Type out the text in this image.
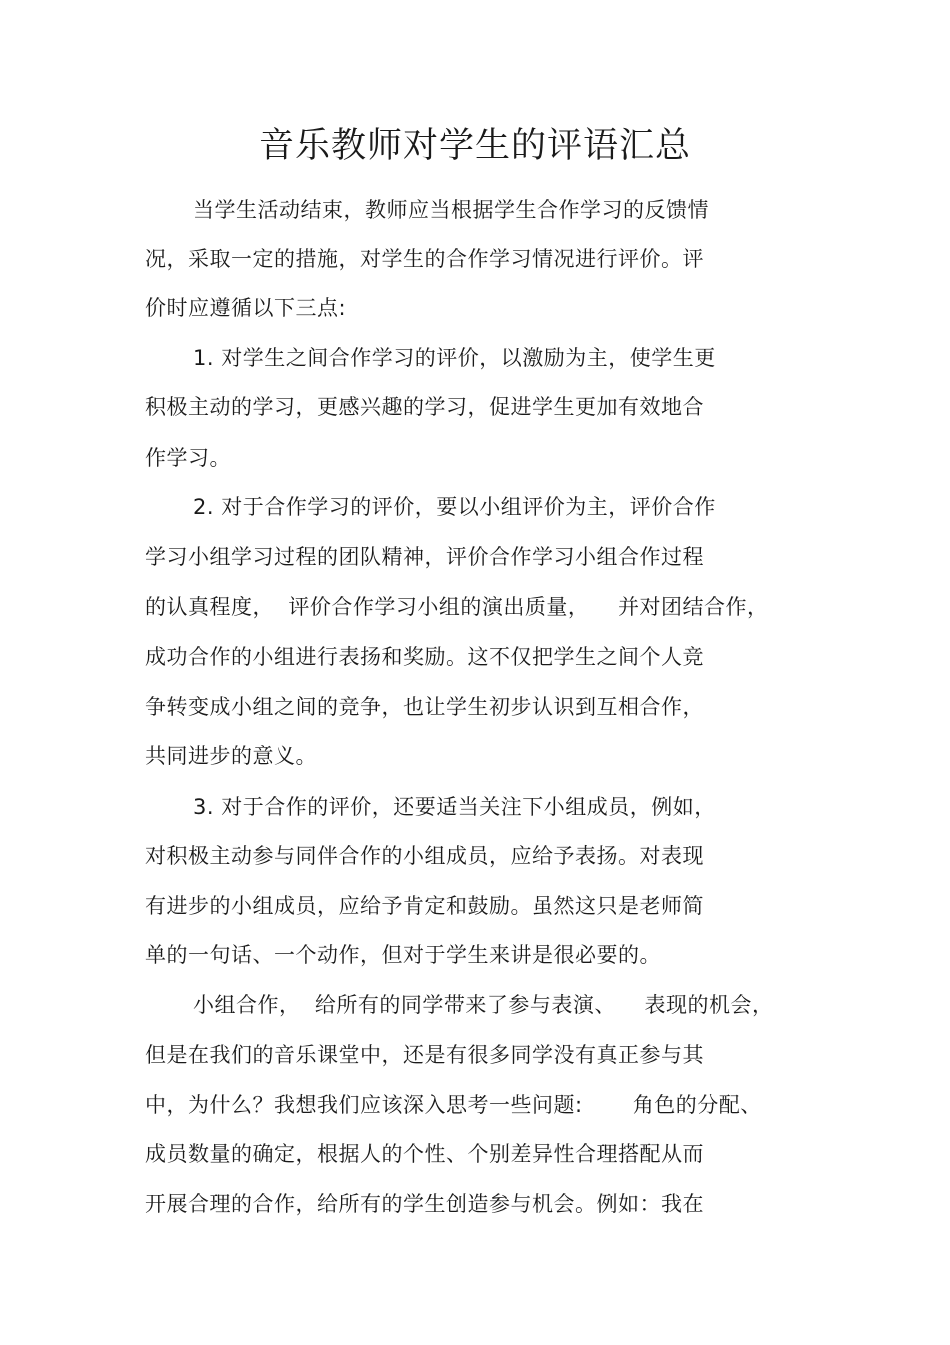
音乐教师对学生的评语汇总
当学生活动结束，教师应当根据学生合作学习的反馈情
况，采取一定的措施，对学生的合作学习情况进行评价。评
价时应遵循以下三点:
1. 对学生之间合作学习的评价，以激励为主，使学生更
积极主动的学习，更感兴趣的学习，促进学生更加有效地合
作学习。
2. 对于合作学习的评价，要以小组评价为主，评价合作
学习小组学习过程的团队精神，评价合作学习小组合作过程
的认真程度，  评价合作学习小组的演出质量，    并对团结合作，
成功合作的小组进行表扬和奖励。这不仅把学生之间个人竞
争转变成小组之间的竞争，也让学生初步认识到互相合作，
共同进步的意义。
3. 对于合作的评价，还要适当关注下小组成员，例如，
对积极主动参与同伴合作的小组成员，应给予表扬。对表现
有进步的小组成员，应给予肯定和鼓励。虽然这只是老师简
单的一句话、一个动作，但对于学生来讲是很必要的。
小组合作，  给所有的同学带来了参与表演、    表现的机会，
但是在我们的音乐课堂中，还是有很多同学没有真正参与其
中，为什么？我想我们应该深入思考一些问题:       角色的分配、
成员数量的确定，根据人的个性、个别差异性合理搭配从而
开展合理的合作，给所有的学生创造参与机会。例如：我在
